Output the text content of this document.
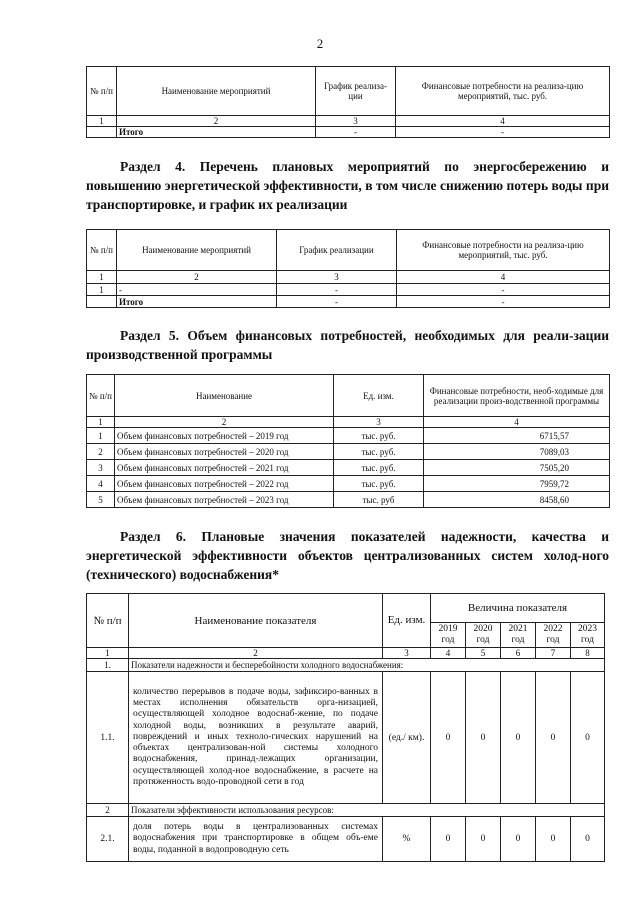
2
№ п/п	Наименование мероприятий	График реализа-ции	Финансовые потребности на реализа-цию мероприятий, тыс. руб.
1	2	3	4
	Итого	-	-
Раздел 4. Перечень плановых мероприятий по энергосбережению и повышению энергетической эффективности, в том числе снижению потерь воды при транспортировке, и график их реализации
№ п/п	Наименование мероприятий	График реализации	Финансовые потребности на реализа-цию мероприятий, тыс. руб.
1	2	3	4
1	-	-	-
	Итого	-	-
Раздел 5. Объем финансовых потребностей, необходимых для реали-зации производственной программы
№ п/п	Наименование	Ед. изм.	Финансовые потребности, необ-ходимые для реализации произ-водственной программы
1	2	3	4
1	Объем финансовых потребностей – 2019 год	тыс. руб.	6715,57
2	Объем финансовых потребностей – 2020 год	тыс. руб.	7089,03
3	Объем финансовых потребностей – 2021 год	тыс. руб.	7505,20
4	Объем финансовых потребностей – 2022 год	тыс. руб.	7959,72
5	Объем финансовых потребностей – 2023 год	тыс. руб	8458,60
Раздел 6. Плановые значения показателей надежности, качества и энергетической эффективности объектов централизованных систем холод-ного (технического) водоснабжения*
№ п/п	Наименование показателя	Ед. изм.	Величина показателя				
			2019 год	2020 год	2021 год	2022 год	2023 год
1	2	3	4	5	6	7	8
1.	Показатели надежности и бесперебойности холодного водоснабжения:						
1.1.	количество перерывов в подаче воды, зафиксиро-ванных в местах исполнения обязательств орга-низацией, осуществляющей холодное водоснаб-жение, по подаче холодной воды, возникших в результате аварий, повреждений и иных техноло-гических нарушений на объектах централизован-ной системы холодного водоснабжения, принад-лежащих организации, осуществляющей холод-ное водоснабжение, в расчете на протяженность водо-проводной сети в год	(ед./ км).	0	0	0	0	0
2	Показатели эффективности использования ресурсов:						
2.1.	доля потерь воды в централизованных системах водоснабжения при транспортировке в общем объ-еме воды, поданной в водопроводную сеть	%	0	0	0	0	0
